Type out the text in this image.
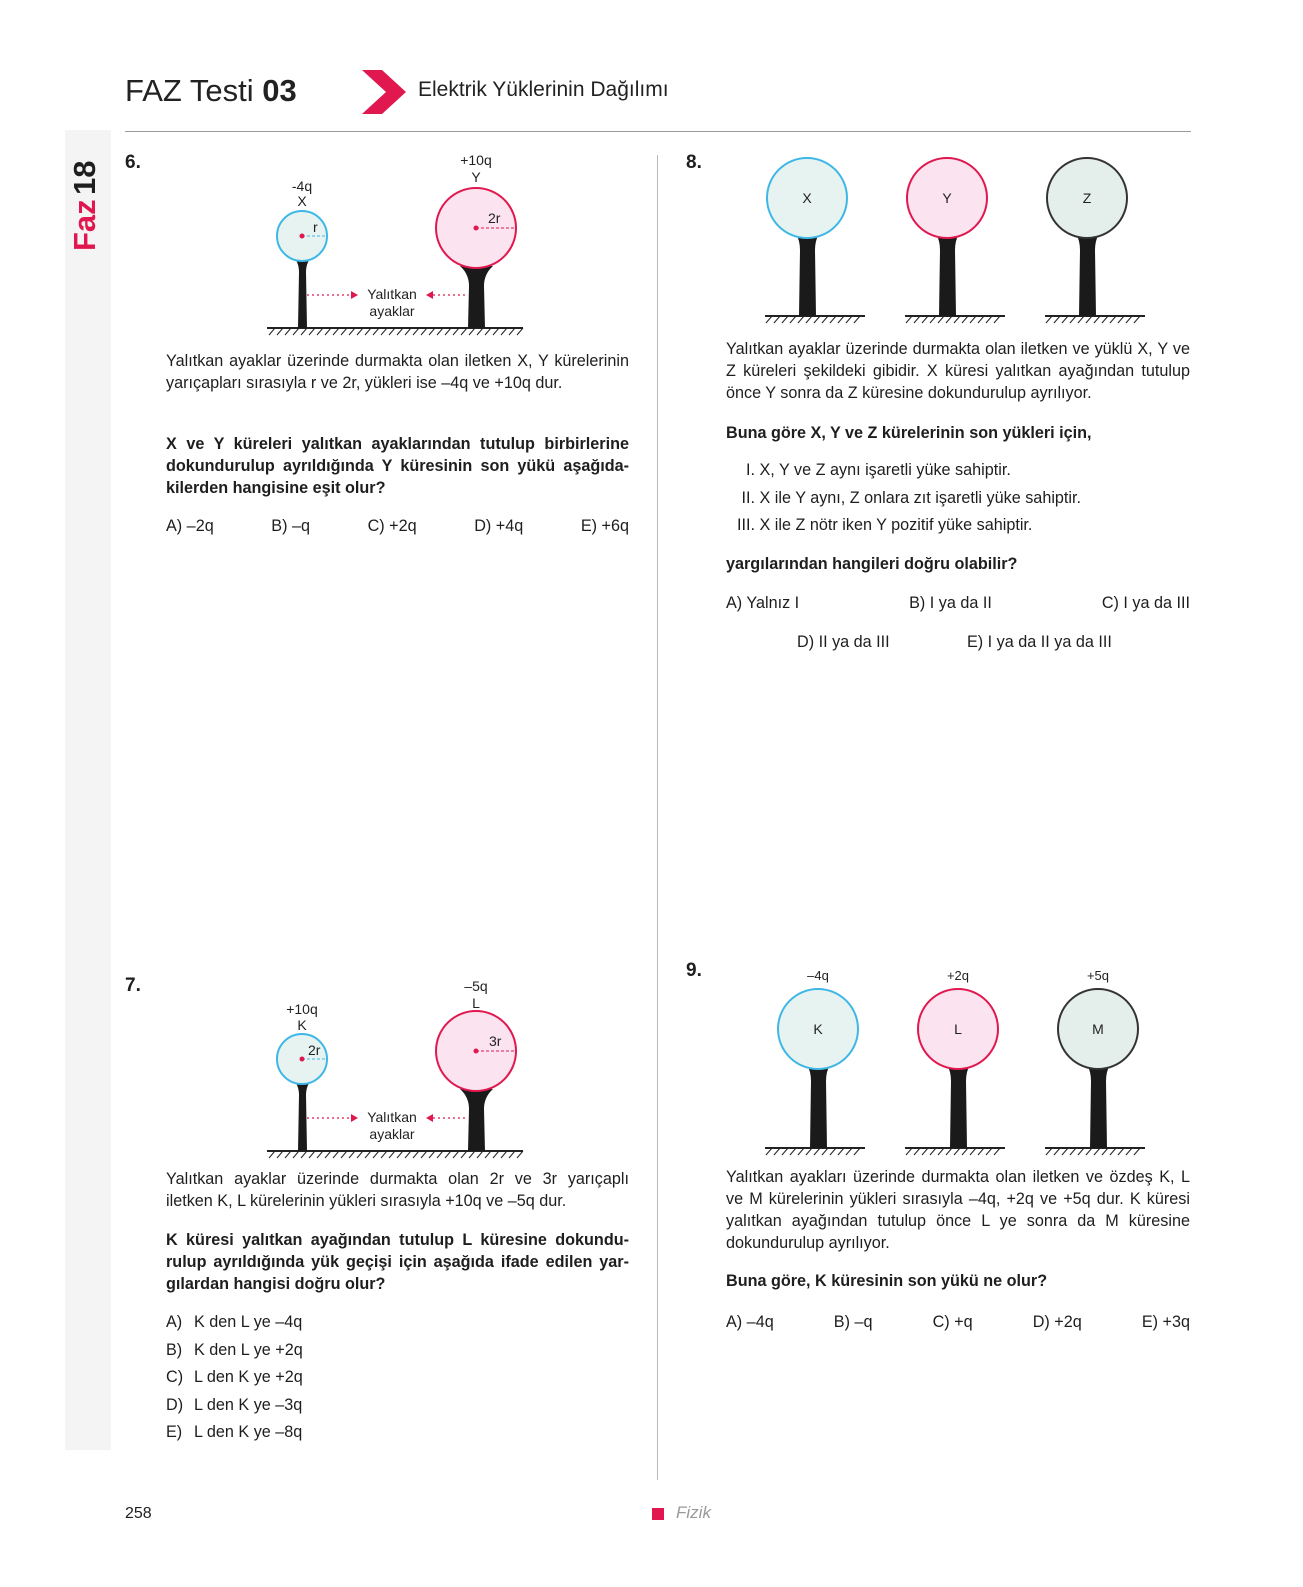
Faz
18
FAZ Testi 03	Elektrik Yüklerinin Dağılımı
6.
r
-4q
X
2r
+10q
Y
Yalıtkan
ayaklar
Yalıtkan ayaklar üzerinde durmakta olan iletken X, Y kürelerinin yarıçapları sırasıyla r ve 2r, yükleri ise –4q ve +10q dur.
X ve Y küreleri yalıtkan ayaklarından tutulup birbirlerine dokundurulup ayrıldığında Y küresinin son yükü aşağıdakilerden hangisine eşit olur?
A) –2q	B) –q	C) +2q	D) +4q	E) +6q
7.
2r
+10q
K
3r
–5q
L
Yalıtkan
ayaklar
Yalıtkan ayaklar üzerinde durmakta olan 2r ve 3r yarıçaplı iletken K, L kürelerinin yükleri sırasıyla +10q ve –5q dur.
K küresi yalıtkan ayağından tutulup L küresine dokundurulup ayrıldığında yük geçişi için aşağıda ifade edilen yargılardan hangisi doğru olur?
A) K den L ye –4q
B) K den L ye +2q
C) L den K ye +2q
D) L den K ye –3q
E) L den K ye –8q
8.
X	Y	Z
Yalıtkan ayaklar üzerinde durmakta olan iletken ve yüklü X, Y ve Z küreleri şekildeki gibidir. X küresi yalıtkan ayağından tutulup önce Y sonra da Z küresine dokundurulup ayrılıyor.
Buna göre X, Y ve Z kürelerinin son yükleri için,
I. X, Y ve Z aynı işaretli yüke sahiptir.
II. X ile Y aynı, Z onlara zıt işaretli yüke sahiptir.
III. X ile Z nötr iken Y pozitif yüke sahiptir.
yargılarından hangileri doğru olabilir?
A) Yalnız I	B) I ya da II	C) I ya da III
D) II ya da III	E) I ya da II ya da III
9.	–4q	+2q	+5q
K	L	M
Yalıtkan ayakları üzerinde durmakta olan iletken ve özdeş K, L ve M kürelerinin yükleri sırasıyla –4q, +2q ve +5q dur. K küresi yalıtkan ayağından tutulup önce L ye sonra da M küresine dokundurulup ayrılıyor.
Buna göre, K küresinin son yükü ne olur?
A) –4q	B) –q	C) +q	D) +2q	E) +3q
258	Fizik
